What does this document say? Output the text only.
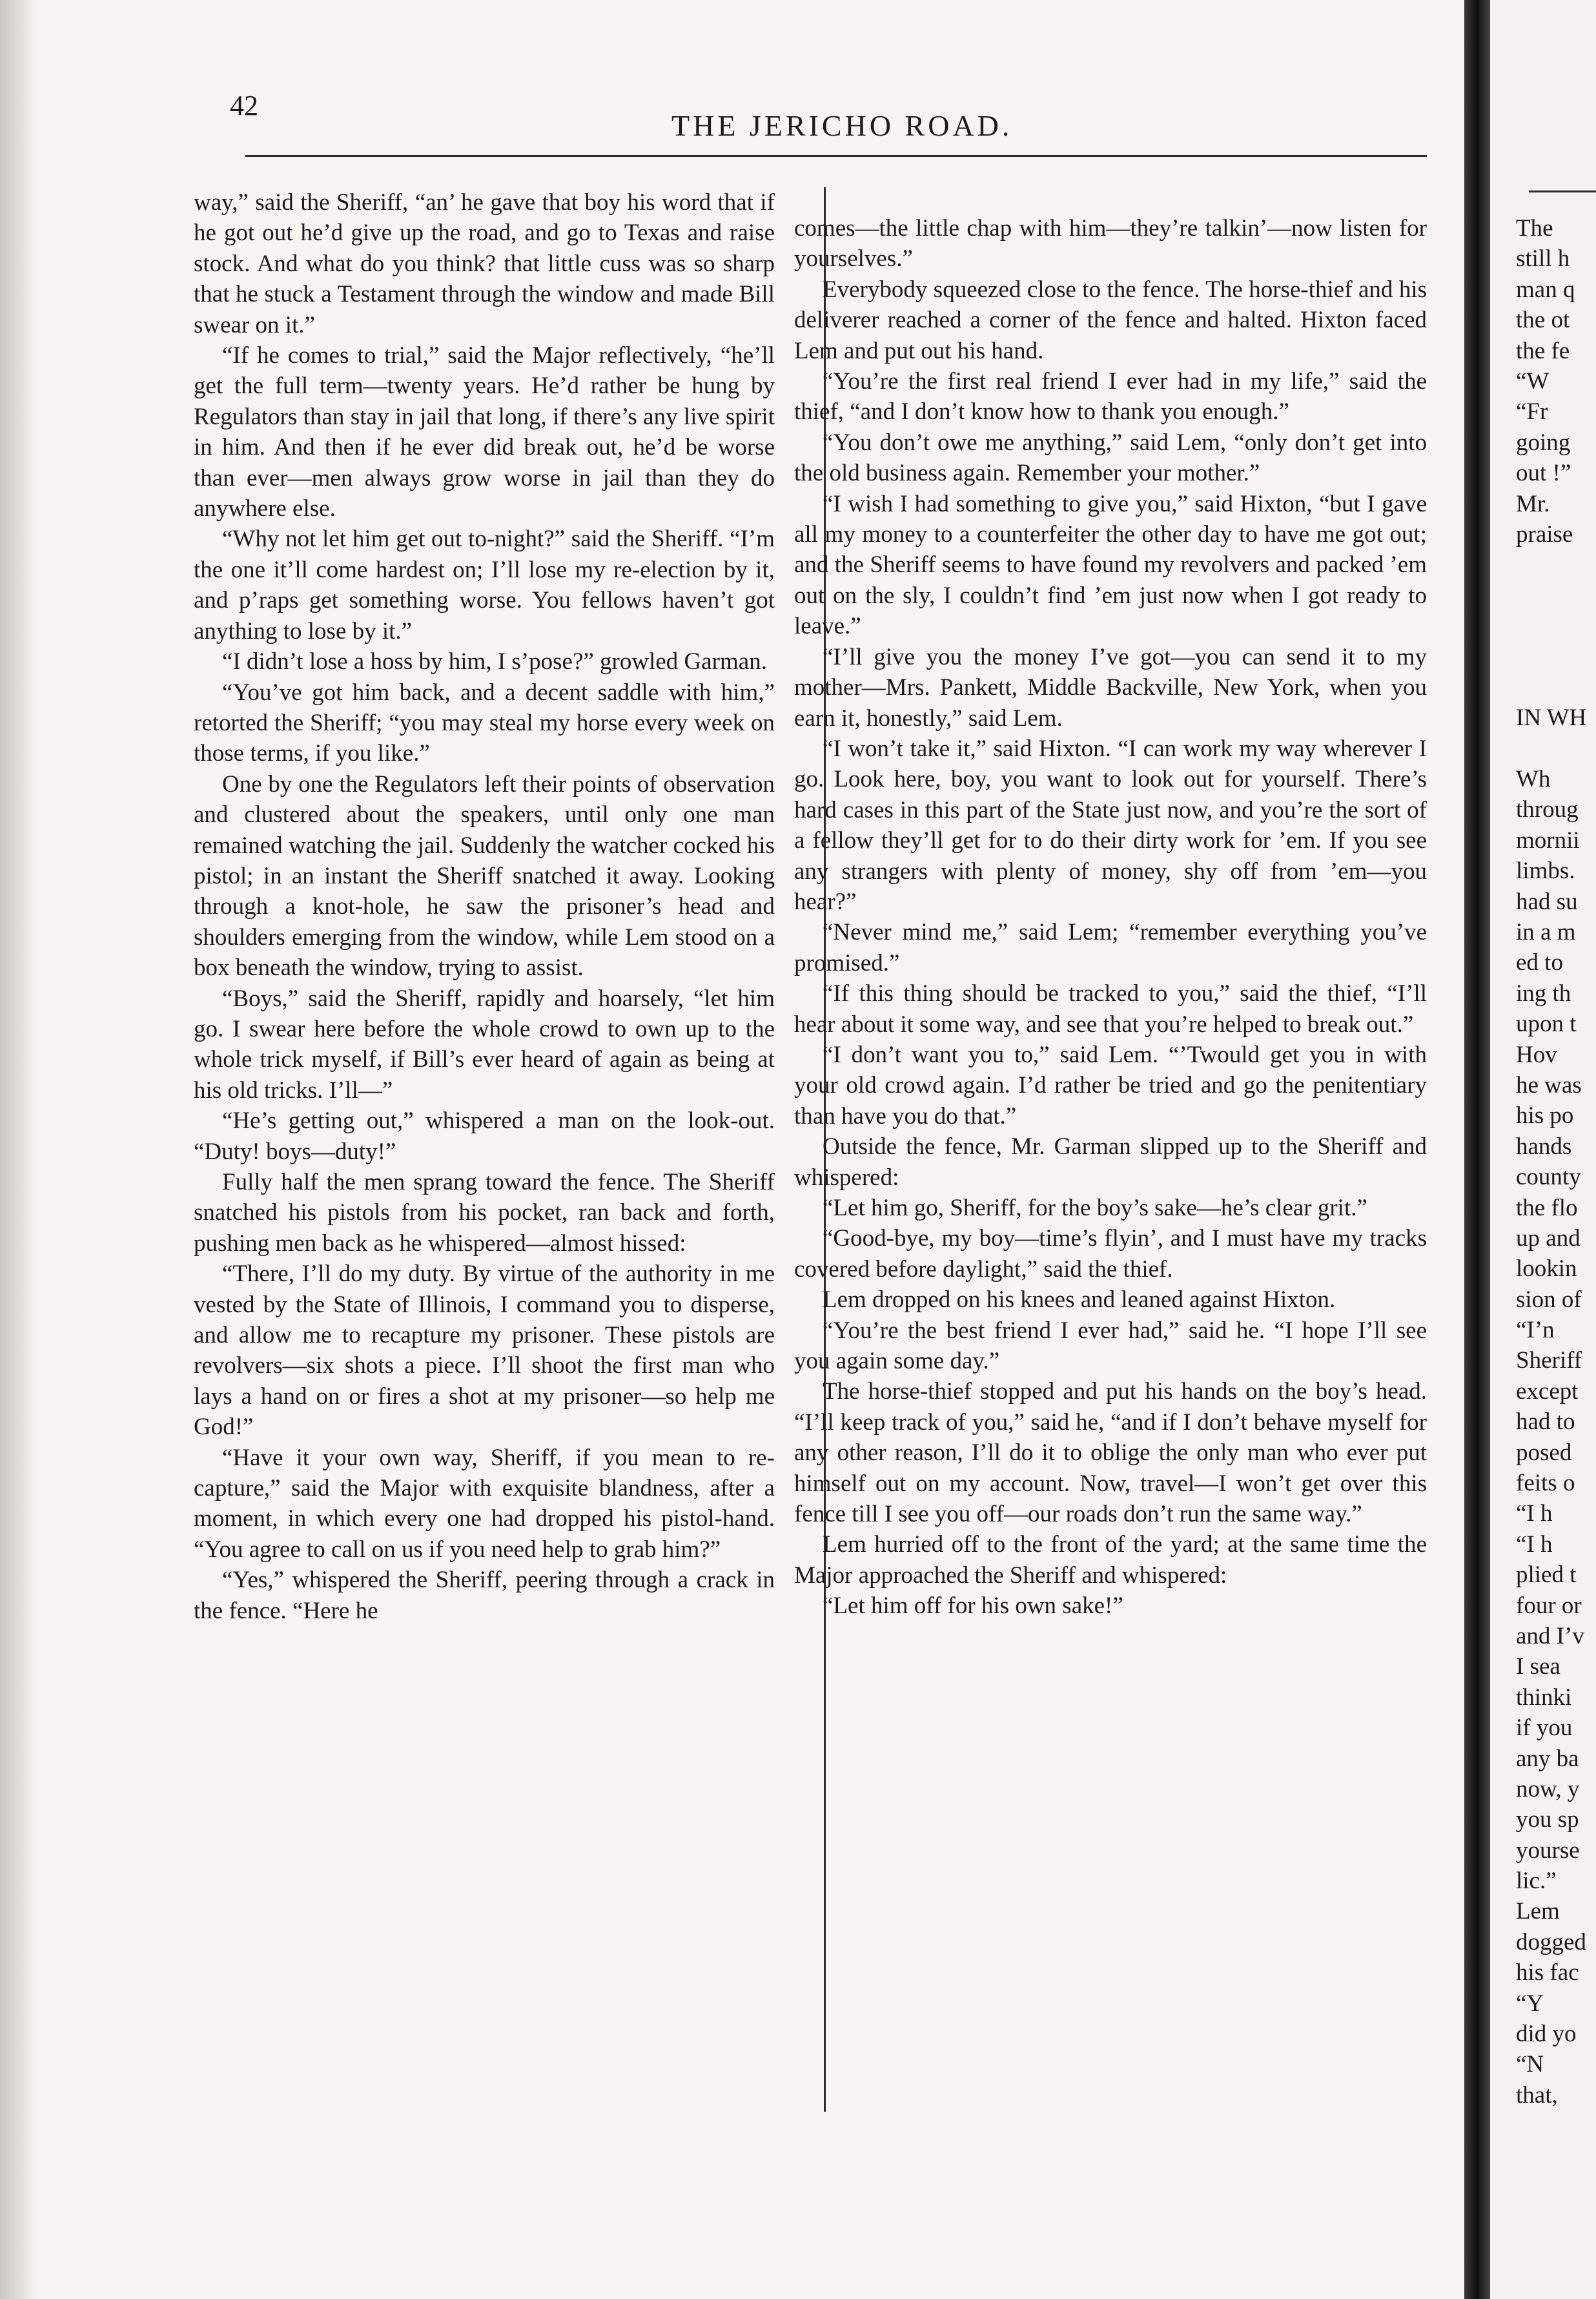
42

THE JERICHO ROAD.

way,” said the Sheriff, “an’ he gave that boy his word that if he got out he’d give up the road, and go to Texas and raise stock. And what do you think? that little cuss was so sharp that he stuck a Testament through the window and made Bill swear on it.”

“If he comes to trial,” said the Major reflectively, “he’ll get the full term—twenty years. He’d rather be hung by Regulators than stay in jail that long, if there’s any live spirit in him. And then if he ever did break out, he’d be worse than ever—men always grow worse in jail than they do anywhere else.

“Why not let him get out to-night?” said the Sheriff. “I’m the one it’ll come hardest on; I’ll lose my re-election by it, and p’raps get something worse. You fellows haven’t got anything to lose by it.”

“I didn’t lose a hoss by him, I s’pose?” growled Garman.

“You’ve got him back, and a decent saddle with him,” retorted the Sheriff; “you may steal my horse every week on those terms, if you like.”

One by one the Regulators left their points of observation and clustered about the speakers, until only one man remained watching the jail. Suddenly the watcher cocked his pistol; in an instant the Sheriff snatched it away. Looking through a knot-hole, he saw the prisoner’s head and shoulders emerging from the window, while Lem stood on a box beneath the window, trying to assist.

“Boys,” said the Sheriff, rapidly and hoarsely, “let him go. I swear here before the whole crowd to own up to the whole trick myself, if Bill’s ever heard of again as being at his old tricks. I’ll—”

“He’s getting out,” whispered a man on the look-out. “Duty! boys—duty!”

Fully half the men sprang toward the fence. The Sheriff snatched his pistols from his pocket, ran back and forth, pushing men back as he whispered—almost hissed:

“There, I’ll do my duty. By virtue of the authority in me vested by the State of Illinois, I command you to disperse, and allow me to recapture my prisoner. These pistols are revolvers—six shots a piece. I’ll shoot the first man who lays a hand on or fires a shot at my prisoner—so help me God!”

“Have it your own way, Sheriff, if you mean to re-capture,” said the Major with exquisite blandness, after a moment, in which every one had dropped his pistol-hand. “You agree to call on us if you need help to grab him?”

“Yes,” whispered the Sheriff, peering through a crack in the fence. “Here he

comes—the little chap with him—they’re talkin’—now listen for yourselves.”

Everybody squeezed close to the fence. The horse-thief and his deliverer reached a corner of the fence and halted. Hixton faced Lem and put out his hand.

“You’re the first real friend I ever had in my life,” said the thief, “and I don’t know how to thank you enough.”

“You don’t owe me anything,” said Lem, “only don’t get into the old business again. Remember your mother.”

“I wish I had something to give you,” said Hixton, “but I gave all my money to a counterfeiter the other day to have me got out; and the Sheriff seems to have found my revolvers and packed ’em out on the sly, I couldn’t find ’em just now when I got ready to leave.”

“I’ll give you the money I’ve got—you can send it to my mother—Mrs. Pankett, Middle Backville, New York, when you earn it, honestly,” said Lem.

“I won’t take it,” said Hixton. “I can work my way wherever I go. Look here, boy, you want to look out for yourself. There’s hard cases in this part of the State just now, and you’re the sort of a fellow they’ll get for to do their dirty work for ’em. If you see any strangers with plenty of money, shy off from ’em—you hear?”

“Never mind me,” said Lem; “remember everything you’ve promised.”

“If this thing should be tracked to you,” said the thief, “I’ll hear about it some way, and see that you’re helped to break out.”

“I don’t want you to,” said Lem. “’Twould get you in with your old crowd again. I’d rather be tried and go the penitentiary than have you do that.”

Outside the fence, Mr. Garman slipped up to the Sheriff and whispered:

“Let him go, Sheriff, for the boy’s sake—he’s clear grit.”

“Good-bye, my boy—time’s flyin’, and I must have my tracks covered before daylight,” said the thief.

Lem dropped on his knees and leaned against Hixton.

“You’re the best friend I ever had,” said he. “I hope I’ll see you again some day.”

The horse-thief stopped and put his hands on the boy’s head. “I’ll keep track of you,” said he, “and if I don’t behave myself for any other reason, I’ll do it to oblige the only man who ever put himself out on my account. Now, travel—I won’t get over this fence till I see you off—our roads don’t run the same way.”

Lem hurried off to the front of the yard; at the same time the Major approached the Sheriff and whispered:

“Let him off for his own sake!”

The
still h
man q
the ot
the fe
“W
“Fr
going
out !”
Mr.
praise
IN WH
Wh
throug
mornii
limbs.
had su
in a m
ed to
ing th
upon t
Hov
he was
his po
hands
county
the flo
up and
lookin
sion of
“I’n
Sheriff
except
had to
posed
feits o
“I h
“I h
plied t
four or
and I’v
I sea
thinki
if you
any ba
now, y
you sp
yourse
lic.”
Lem
dogged
his fac
“Y
did yo
“N
that,
